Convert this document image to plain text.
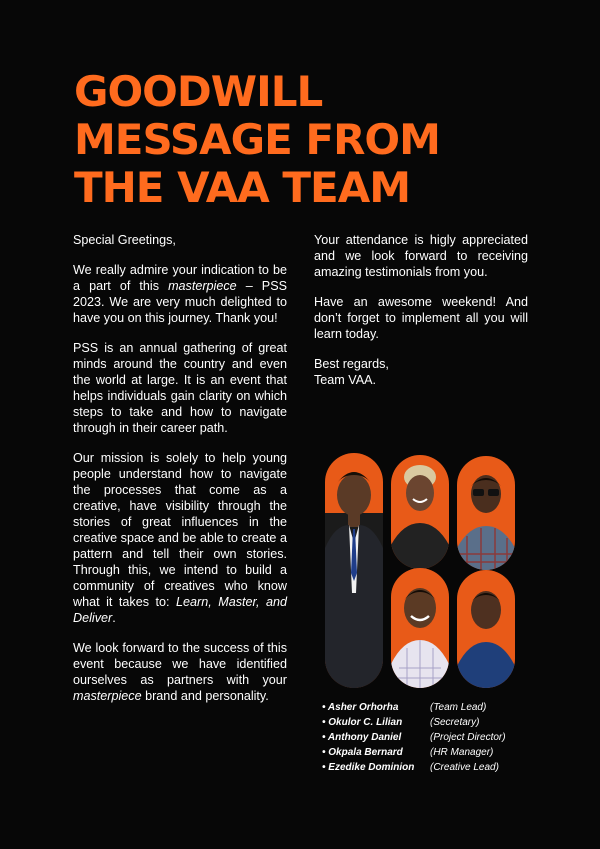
GOODWILL
MESSAGE FROM
THE VAA TEAM

Special Greetings,

We really admire your indication to be a part of this masterpiece – PSS 2023. We are very much delighted to have you on this journey. Thank you!

PSS is an annual gathering of great minds around the country and even the world at large. It is an event that helps individuals gain clarity on which steps to take and how to navigate through in their career path.

Our mission is solely to help young people understand how to navigate the processes that come as a creative, have visibility through the stories of great influences in the creative space and be able to create a pattern and tell their own stories. Through this, we intend to build a community of creatives who know what it takes to: Learn, Master, and Deliver.

We look forward to the success of this event because we have identified ourselves as partners with your masterpiece brand and personality.

Your attendance is higly appreciated and we look forward to receiving amazing testimonials from you.

Have an awesome weekend! And don’t forget to implement all you will learn today.

Best regards,
Team VAA.

• Asher Orhorha	(Team Lead)
• Okulor C. Lilian	(Secretary)
• Anthony Daniel	(Project Director)
• Okpala Bernard	(HR Manager)
• Ezedike Dominion	(Creative Lead)
